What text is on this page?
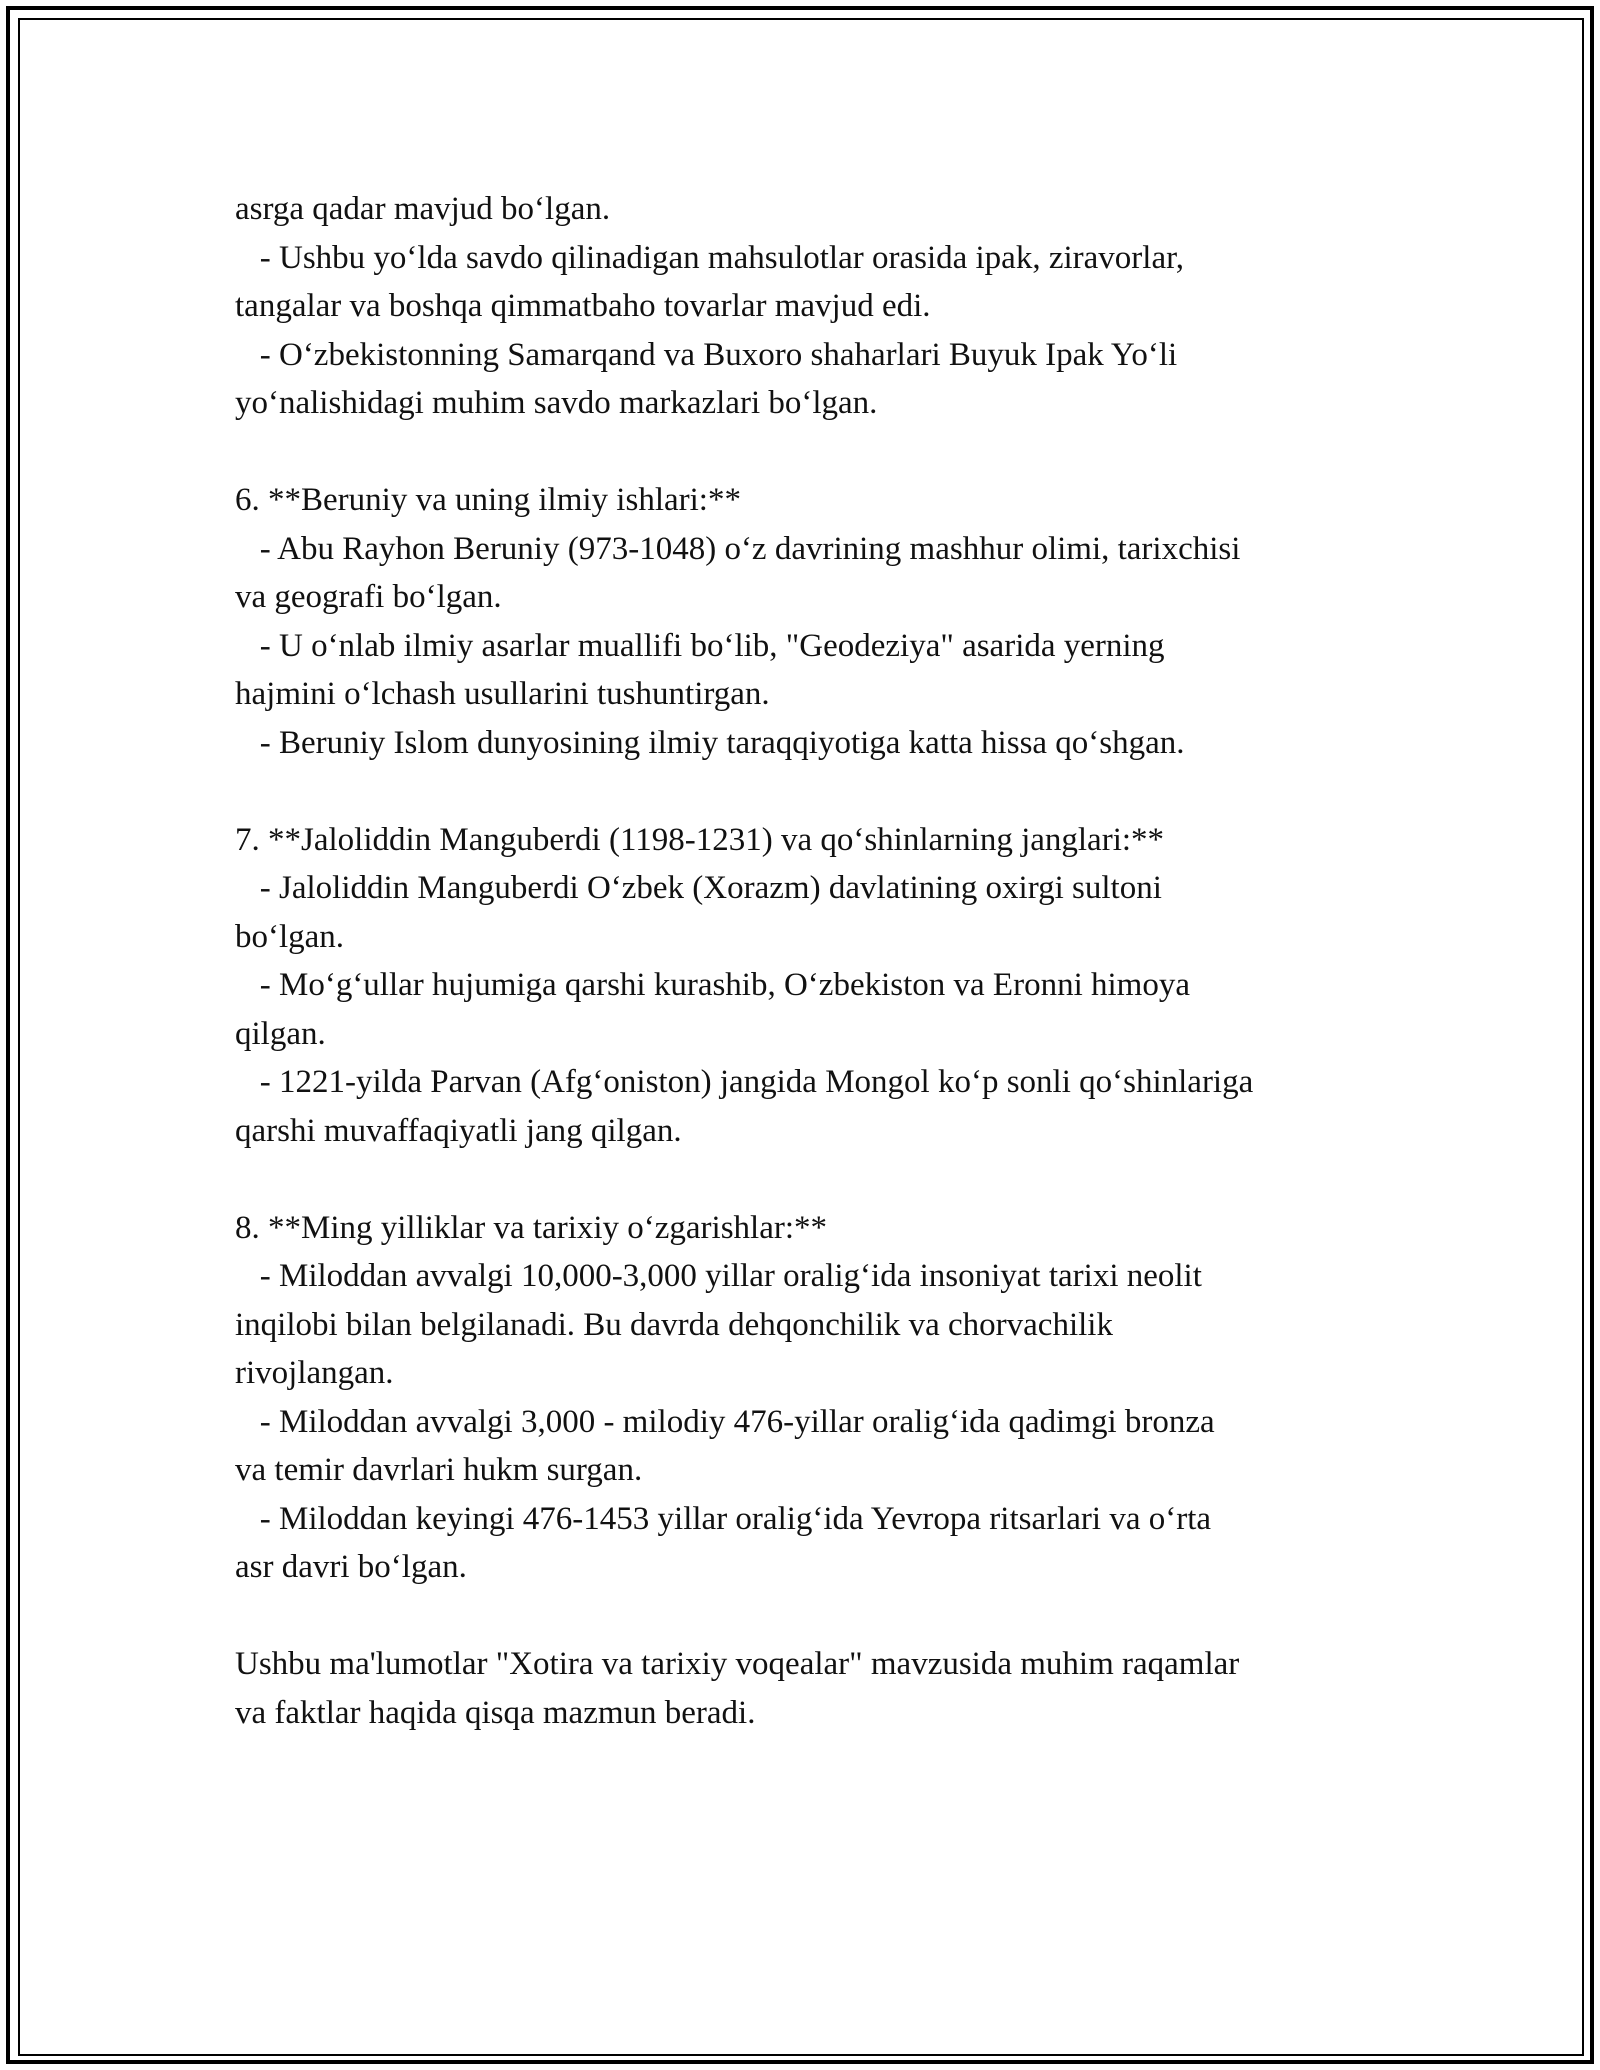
asrga qadar mavjud bo‘lgan.

- Ushbu yo‘lda savdo qilinadigan mahsulotlar orasida ipak, ziravorlar,

tangalar va boshqa qimmatbaho tovarlar mavjud edi.

- O‘zbekistonning Samarqand va Buxoro shaharlari Buyuk Ipak Yo‘li

yo‘nalishidagi muhim savdo markazlari bo‘lgan.

6. **Beruniy va uning ilmiy ishlari:**

- Abu Rayhon Beruniy (973-1048) o‘z davrining mashhur olimi, tarixchisi

va geografi bo‘lgan.

- U o‘nlab ilmiy asarlar muallifi bo‘lib, "Geodeziya" asarida yerning

hajmini o‘lchash usullarini tushuntirgan.

- Beruniy Islom dunyosining ilmiy taraqqiyotiga katta hissa qo‘shgan.

7. **Jaloliddin Manguberdi (1198-1231) va qo‘shinlarning janglari:**

- Jaloliddin Manguberdi O‘zbek (Xorazm) davlatining oxirgi sultoni

bo‘lgan.

- Mo‘g‘ullar hujumiga qarshi kurashib, O‘zbekiston va Eronni himoya

qilgan.

- 1221-yilda Parvan (Afg‘oniston) jangida Mongol ko‘p sonli qo‘shinlariga

qarshi muvaffaqiyatli jang qilgan.

8. **Ming yilliklar va tarixiy o‘zgarishlar:**

- Miloddan avvalgi 10,000-3,000 yillar oralig‘ida insoniyat tarixi neolit

inqilobi bilan belgilanadi. Bu davrda dehqonchilik va chorvachilik

rivojlangan.

- Miloddan avvalgi 3,000 - milodiy 476-yillar oralig‘ida qadimgi bronza

va temir davrlari hukm surgan.

- Miloddan keyingi 476-1453 yillar oralig‘ida Yevropa ritsarlari va o‘rta

asr davri bo‘lgan.

Ushbu ma'lumotlar "Xotira va tarixiy voqealar" mavzusida muhim raqamlar

va faktlar haqida qisqa mazmun beradi.
